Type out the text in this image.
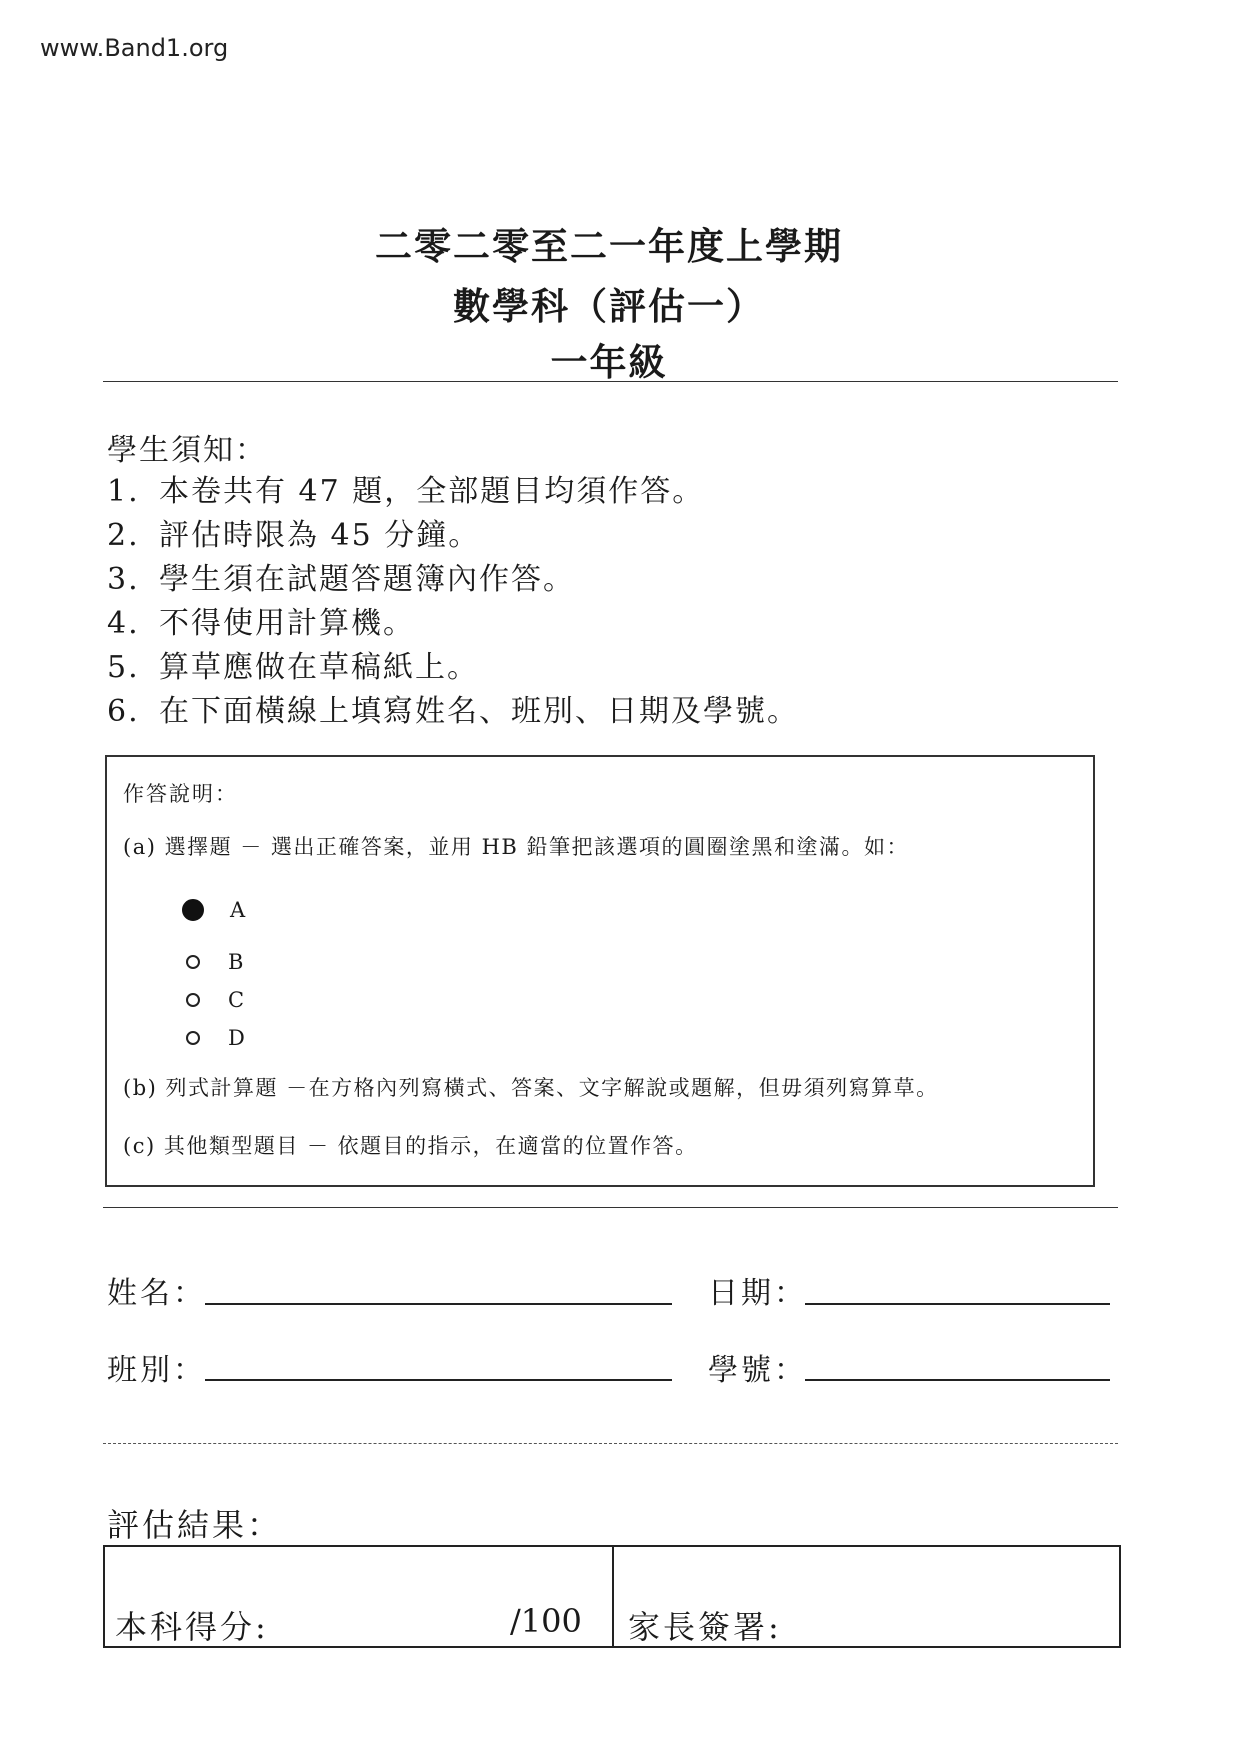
www.Band1.org
二零二零至二一年度上學期
數學科（評估一）
一年級
學生須知：
1. 本卷共有 47 題，全部題目均須作答。
2. 評估時限為 45 分鐘。
3. 學生須在試題答題簿內作答。
4. 不得使用計算機。
5. 算草應做在草稿紙上。
6. 在下面橫線上填寫姓名、班別、日期及學號。
作答說明：
(a) 選擇題 － 選出正確答案，並用 HB 鉛筆把該選項的圓圈塗黑和塗滿。如：
A
B
C
D
(b) 列式計算題 －在方格內列寫橫式、答案、文字解說或題解，但毋須列寫算草。
(c) 其他類型題目 － 依題目的指示，在適當的位置作答。
姓名：	日期：
班別：	學號：
評估結果：
本科得分:	/100 家長簽署:
